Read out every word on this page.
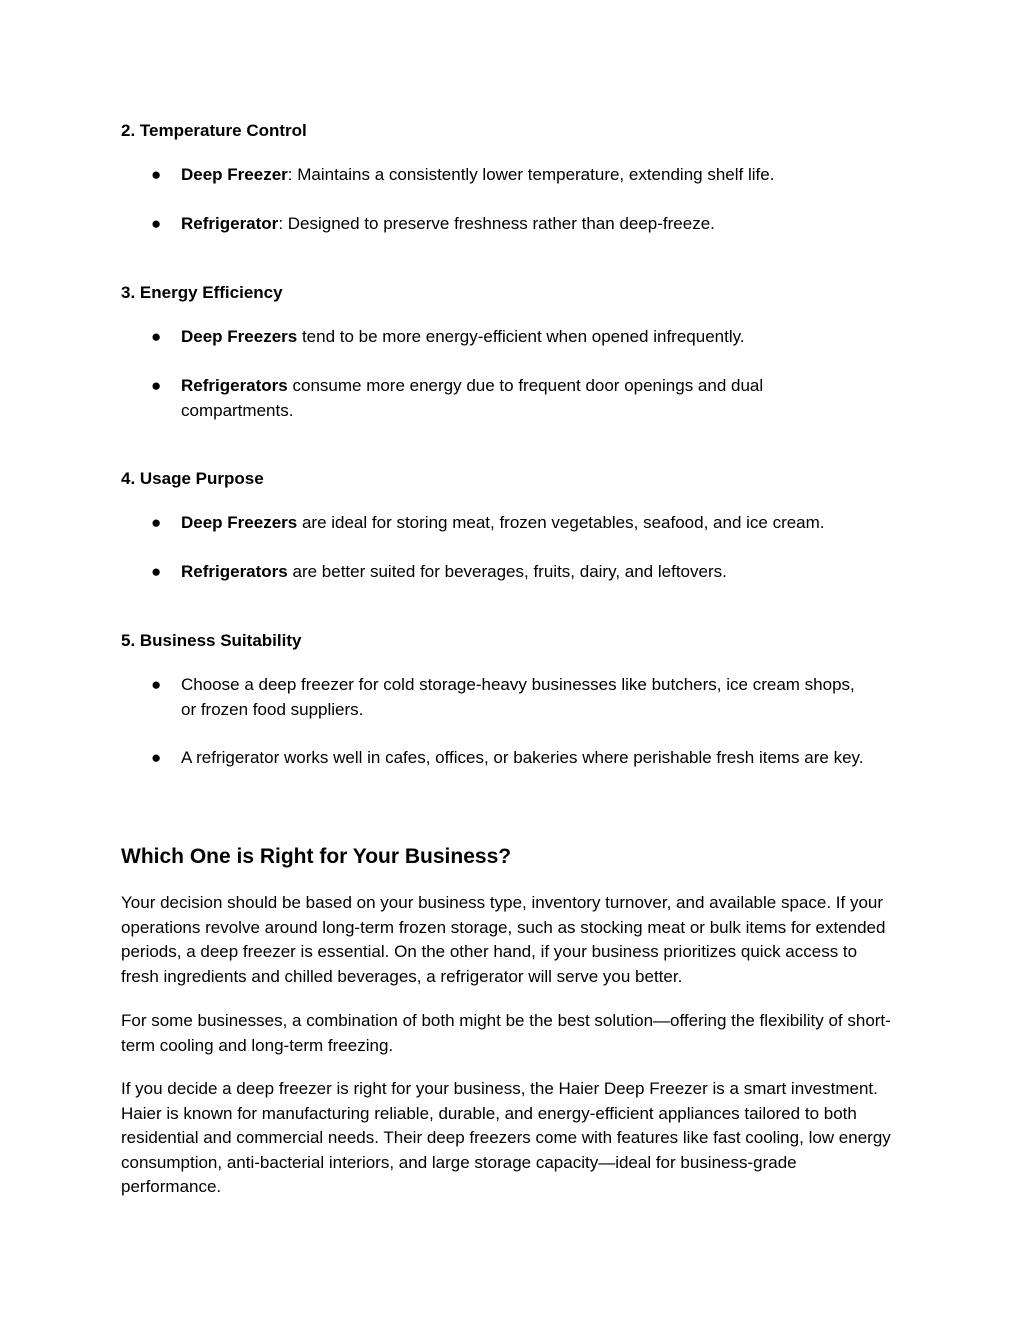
2. Temperature Control
● Deep Freezer: Maintains a consistently lower temperature, extending shelf life.
● Refrigerator: Designed to preserve freshness rather than deep-freeze.
3. Energy Efficiency
● Deep Freezers tend to be more energy-efficient when opened infrequently.
● Refrigerators consume more energy due to frequent door openings and dual compartments.
4. Usage Purpose
● Deep Freezers are ideal for storing meat, frozen vegetables, seafood, and ice cream.
● Refrigerators are better suited for beverages, fruits, dairy, and leftovers.
5. Business Suitability
● Choose a deep freezer for cold storage-heavy businesses like butchers, ice cream shops, or frozen food suppliers.
● A refrigerator works well in cafes, offices, or bakeries where perishable fresh items are key.
Which One is Right for Your Business?
Your decision should be based on your business type, inventory turnover, and available space. If your operations revolve around long-term frozen storage, such as stocking meat or bulk items for extended periods, a deep freezer is essential. On the other hand, if your business prioritizes quick access to fresh ingredients and chilled beverages, a refrigerator will serve you better.
For some businesses, a combination of both might be the best solution—offering the flexibility of short-term cooling and long-term freezing.
If you decide a deep freezer is right for your business, the Haier Deep Freezer is a smart investment. Haier is known for manufacturing reliable, durable, and energy-efficient appliances tailored to both residential and commercial needs. Their deep freezers come with features like fast cooling, low energy consumption, anti-bacterial interiors, and large storage capacity—ideal for business-grade performance.
